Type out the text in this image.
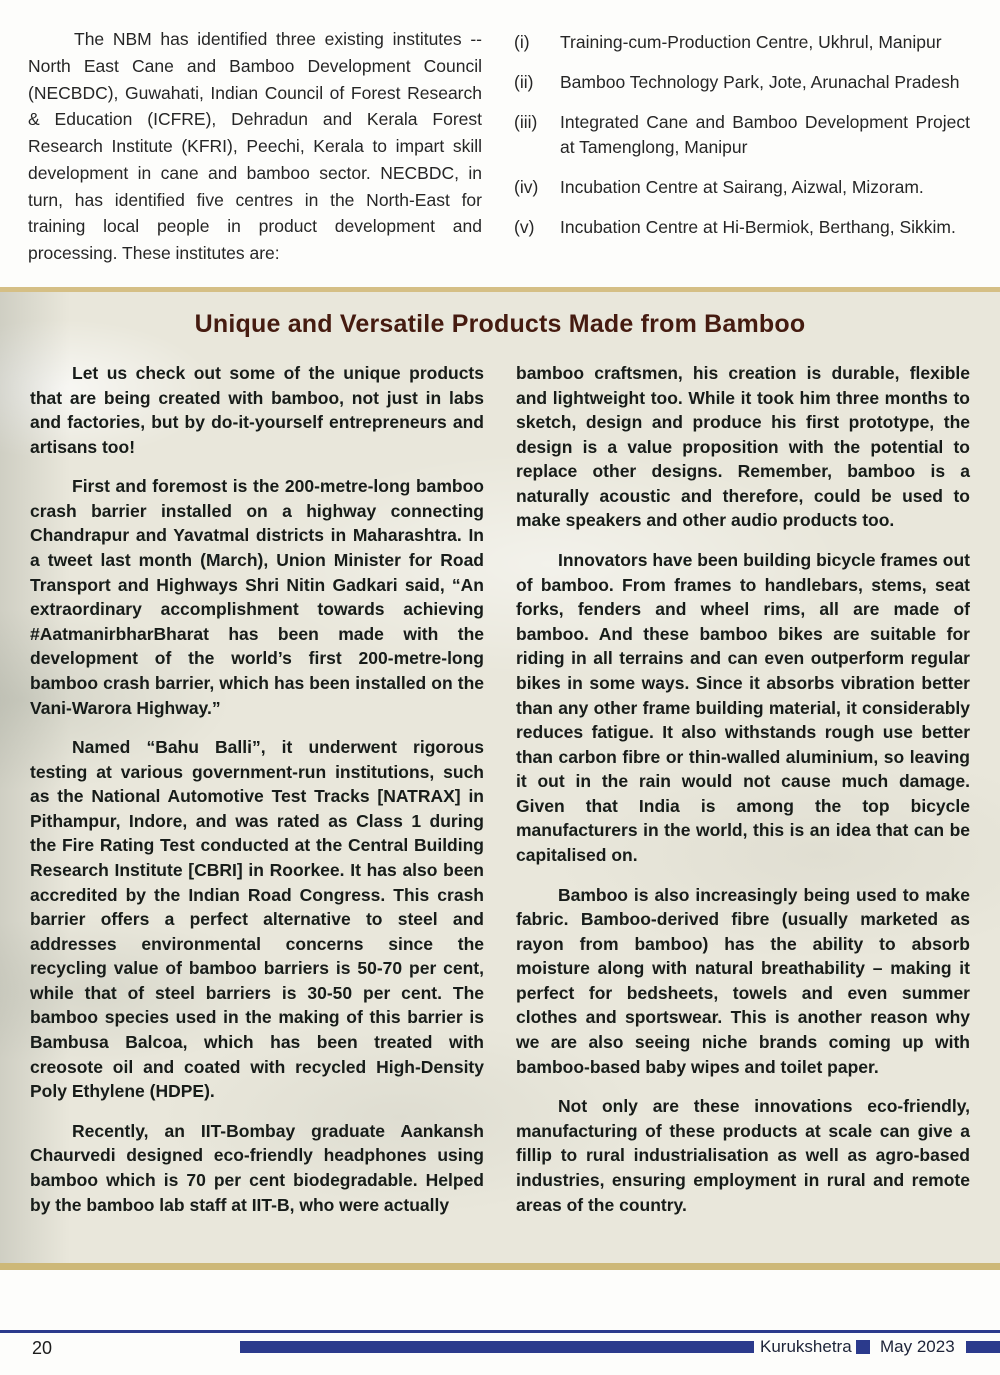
The NBM has identified three existing institutes -- North East Cane and Bamboo Development Council (NECBDC), Guwahati, Indian Council of Forest Research & Education (ICFRE), Dehradun and Kerala Forest Research Institute (KFRI), Peechi, Kerala to impart skill development in cane and bamboo sector. NECBDC, in turn, has identified five centres in the North-East for training local people in product development and processing. These institutes are:
(i)	Training-cum-Production Centre, Ukhrul, Manipur
(ii)	Bamboo Technology Park, Jote, Arunachal Pradesh
(iii)	Integrated Cane and Bamboo Development Project at Tamenglong, Manipur
(iv)	Incubation Centre at Sairang, Aizwal, Mizoram.
(v)	Incubation Centre at Hi-Bermiok, Berthang, Sikkim.
Unique and Versatile Products Made from Bamboo

Let us check out some of the unique products that are being created with bamboo, not just in labs and factories, but by do-it-yourself entrepreneurs and artisans too!

First and foremost is the 200-metre-long bamboo crash barrier installed on a highway connecting Chandrapur and Yavatmal districts in Maharashtra. In a tweet last month (March), Union Minister for Road Transport and Highways Shri Nitin Gadkari said, “An extraordinary accomplishment towards achieving #AatmanirbharBharat has been made with the development of the world’s first 200-metre-long bamboo crash barrier, which has been installed on the Vani-Warora Highway.”

Named “Bahu Balli”, it underwent rigorous testing at various government-run institutions, such as the National Automotive Test Tracks [NATRAX] in Pithampur, Indore, and was rated as Class 1 during the Fire Rating Test conducted at the Central Building Research Institute [CBRI] in Roorkee. It has also been accredited by the Indian Road Congress. This crash barrier offers a perfect alternative to steel and addresses environmental concerns since the recycling value of bamboo barriers is 50-70 per cent, while that of steel barriers is 30-50 per cent. The bamboo species used in the making of this barrier is Bambusa Balcoa, which has been treated with creosote oil and coated with recycled High-Density Poly Ethylene (HDPE).

Recently, an IIT-Bombay graduate Aankansh Chaurvedi designed eco-friendly headphones using bamboo which is 70 per cent biodegradable. Helped by the bamboo lab staff at IIT-B, who were actually

bamboo craftsmen, his creation is durable, flexible and lightweight too. While it took him three months to sketch, design and produce his first prototype, the design is a value proposition with the potential to replace other designs. Remember, bamboo is a naturally acoustic and therefore, could be used to make speakers and other audio products too.

Innovators have been building bicycle frames out of bamboo. From frames to handlebars, stems, seat forks, fenders and wheel rims, all are made of bamboo. And these bamboo bikes are suitable for riding in all terrains and can even outperform regular bikes in some ways. Since it absorbs vibration better than any other frame building material, it considerably reduces fatigue. It also withstands rough use better than carbon fibre or thin-walled aluminium, so leaving it out in the rain would not cause much damage. Given that India is among the top bicycle manufacturers in the world, this is an idea that can be capitalised on.

Bamboo is also increasingly being used to make fabric. Bamboo-derived fibre (usually marketed as rayon from bamboo) has the ability to absorb moisture along with natural breathability – making it perfect for bedsheets, towels and even summer clothes and sportswear. This is another reason why we are also seeing niche brands coming up with bamboo-based baby wipes and toilet paper.

Not only are these innovations eco-friendly, manufacturing of these products at scale can give a fillip to rural industrialisation as well as agro-based industries, ensuring employment in rural and remote areas of the country.

20	Kurukshetra May 2023
